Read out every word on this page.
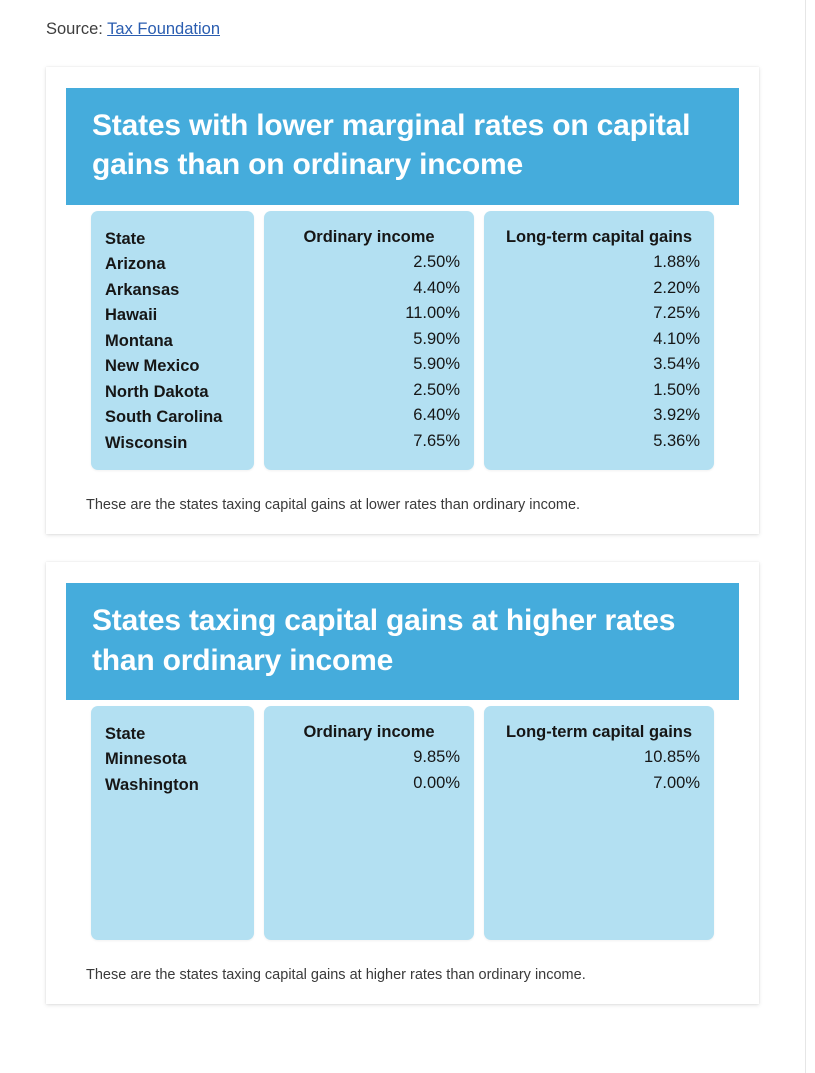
Source: Tax Foundation
States with lower marginal rates on capital gains than on ordinary income
State
Arizona
Arkansas
Hawaii
Montana
New Mexico
North Dakota
South Carolina
Wisconsin
Ordinary income
2.50%
4.40%
11.00%
5.90%
5.90%
2.50%
6.40%
7.65%
Long-term capital gains
1.88%
2.20%
7.25%
4.10%
3.54%
1.50%
3.92%
5.36%
These are the states taxing capital gains at lower rates than ordinary income.
States taxing capital gains at higher rates than ordinary income
State
Minnesota
Washington
Ordinary income
9.85%
0.00%
Long-term capital gains
10.85%
7.00%
These are the states taxing capital gains at higher rates than ordinary income.
